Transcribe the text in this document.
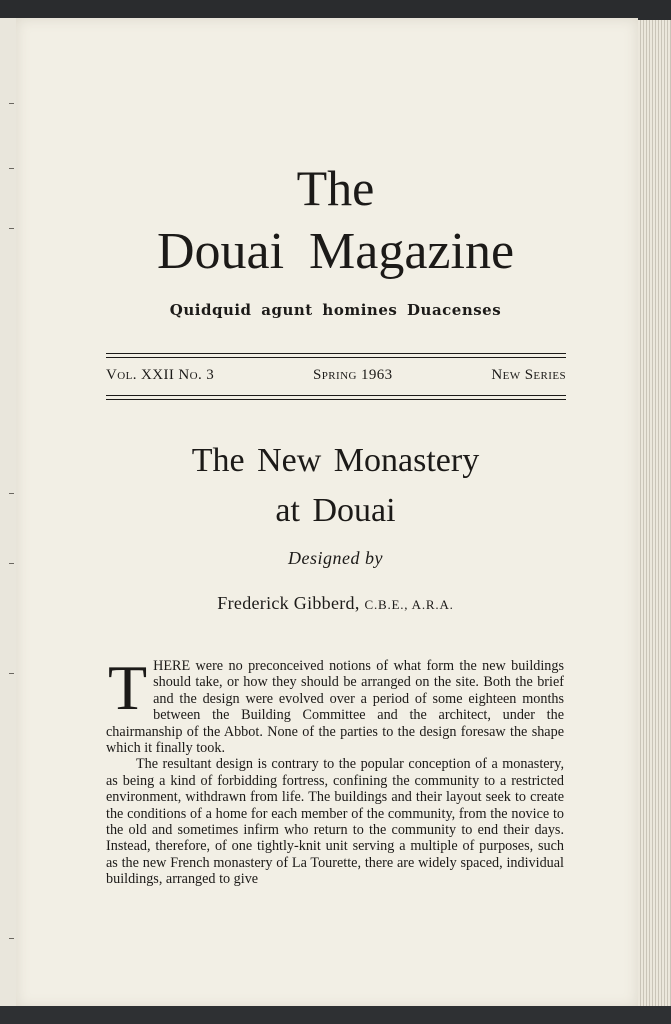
The
Douai Magazine
Quidquid agunt homines Duacenses
Vol. XXII No. 3	Spring 1963	New Series
The New Monastery
at Douai
Designed by
Frederick Gibberd, C.B.E., A.R.A.

THERE were no preconceived notions of what form the new buildings should take, or how they should be arranged on the site. Both the brief and the design were evolved over a period of some eighteen months between the Building Committee and the architect, under the chairmanship of the Abbot. None of the parties to the design foresaw the shape which it finally took.

The resultant design is contrary to the popular conception of a monastery, as being a kind of forbidding fortress, confining the community to a restricted environment, withdrawn from life. The buildings and their layout seek to create the conditions of a home for each member of the community, from the novice to the old and sometimes infirm who return to the community to end their days. Instead, therefore, of one tightly-knit unit serving a multiple of purposes, such as the new French monastery of La Tourette, there are widely spaced, individual buildings, arranged to give
